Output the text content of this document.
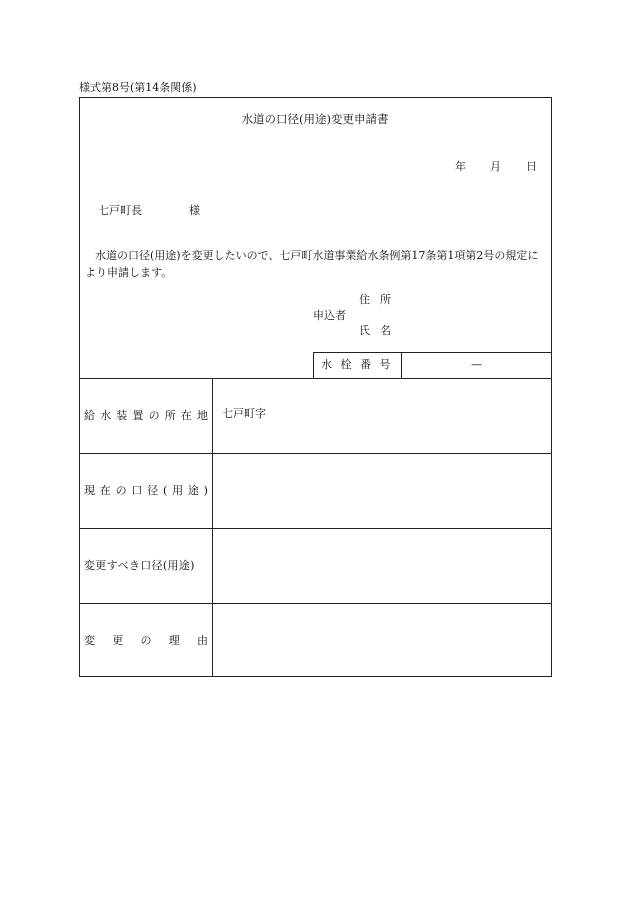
様式第8号(第14条関係)
水道の口径(用途)変更申請書
年 月 日
七戸町長	様
水道の口径(用途)を変更したいので、七戸町水道事業給水条例第17条第1項第2号の規定により申請します。
申込者
住所
氏名
水栓番号	—
給 水 装 置 の 所 在 地 七戸町字
現 在 の 口 径 ( 用 途 )
変更すべき口径(用途)
変 更 の 理 由
